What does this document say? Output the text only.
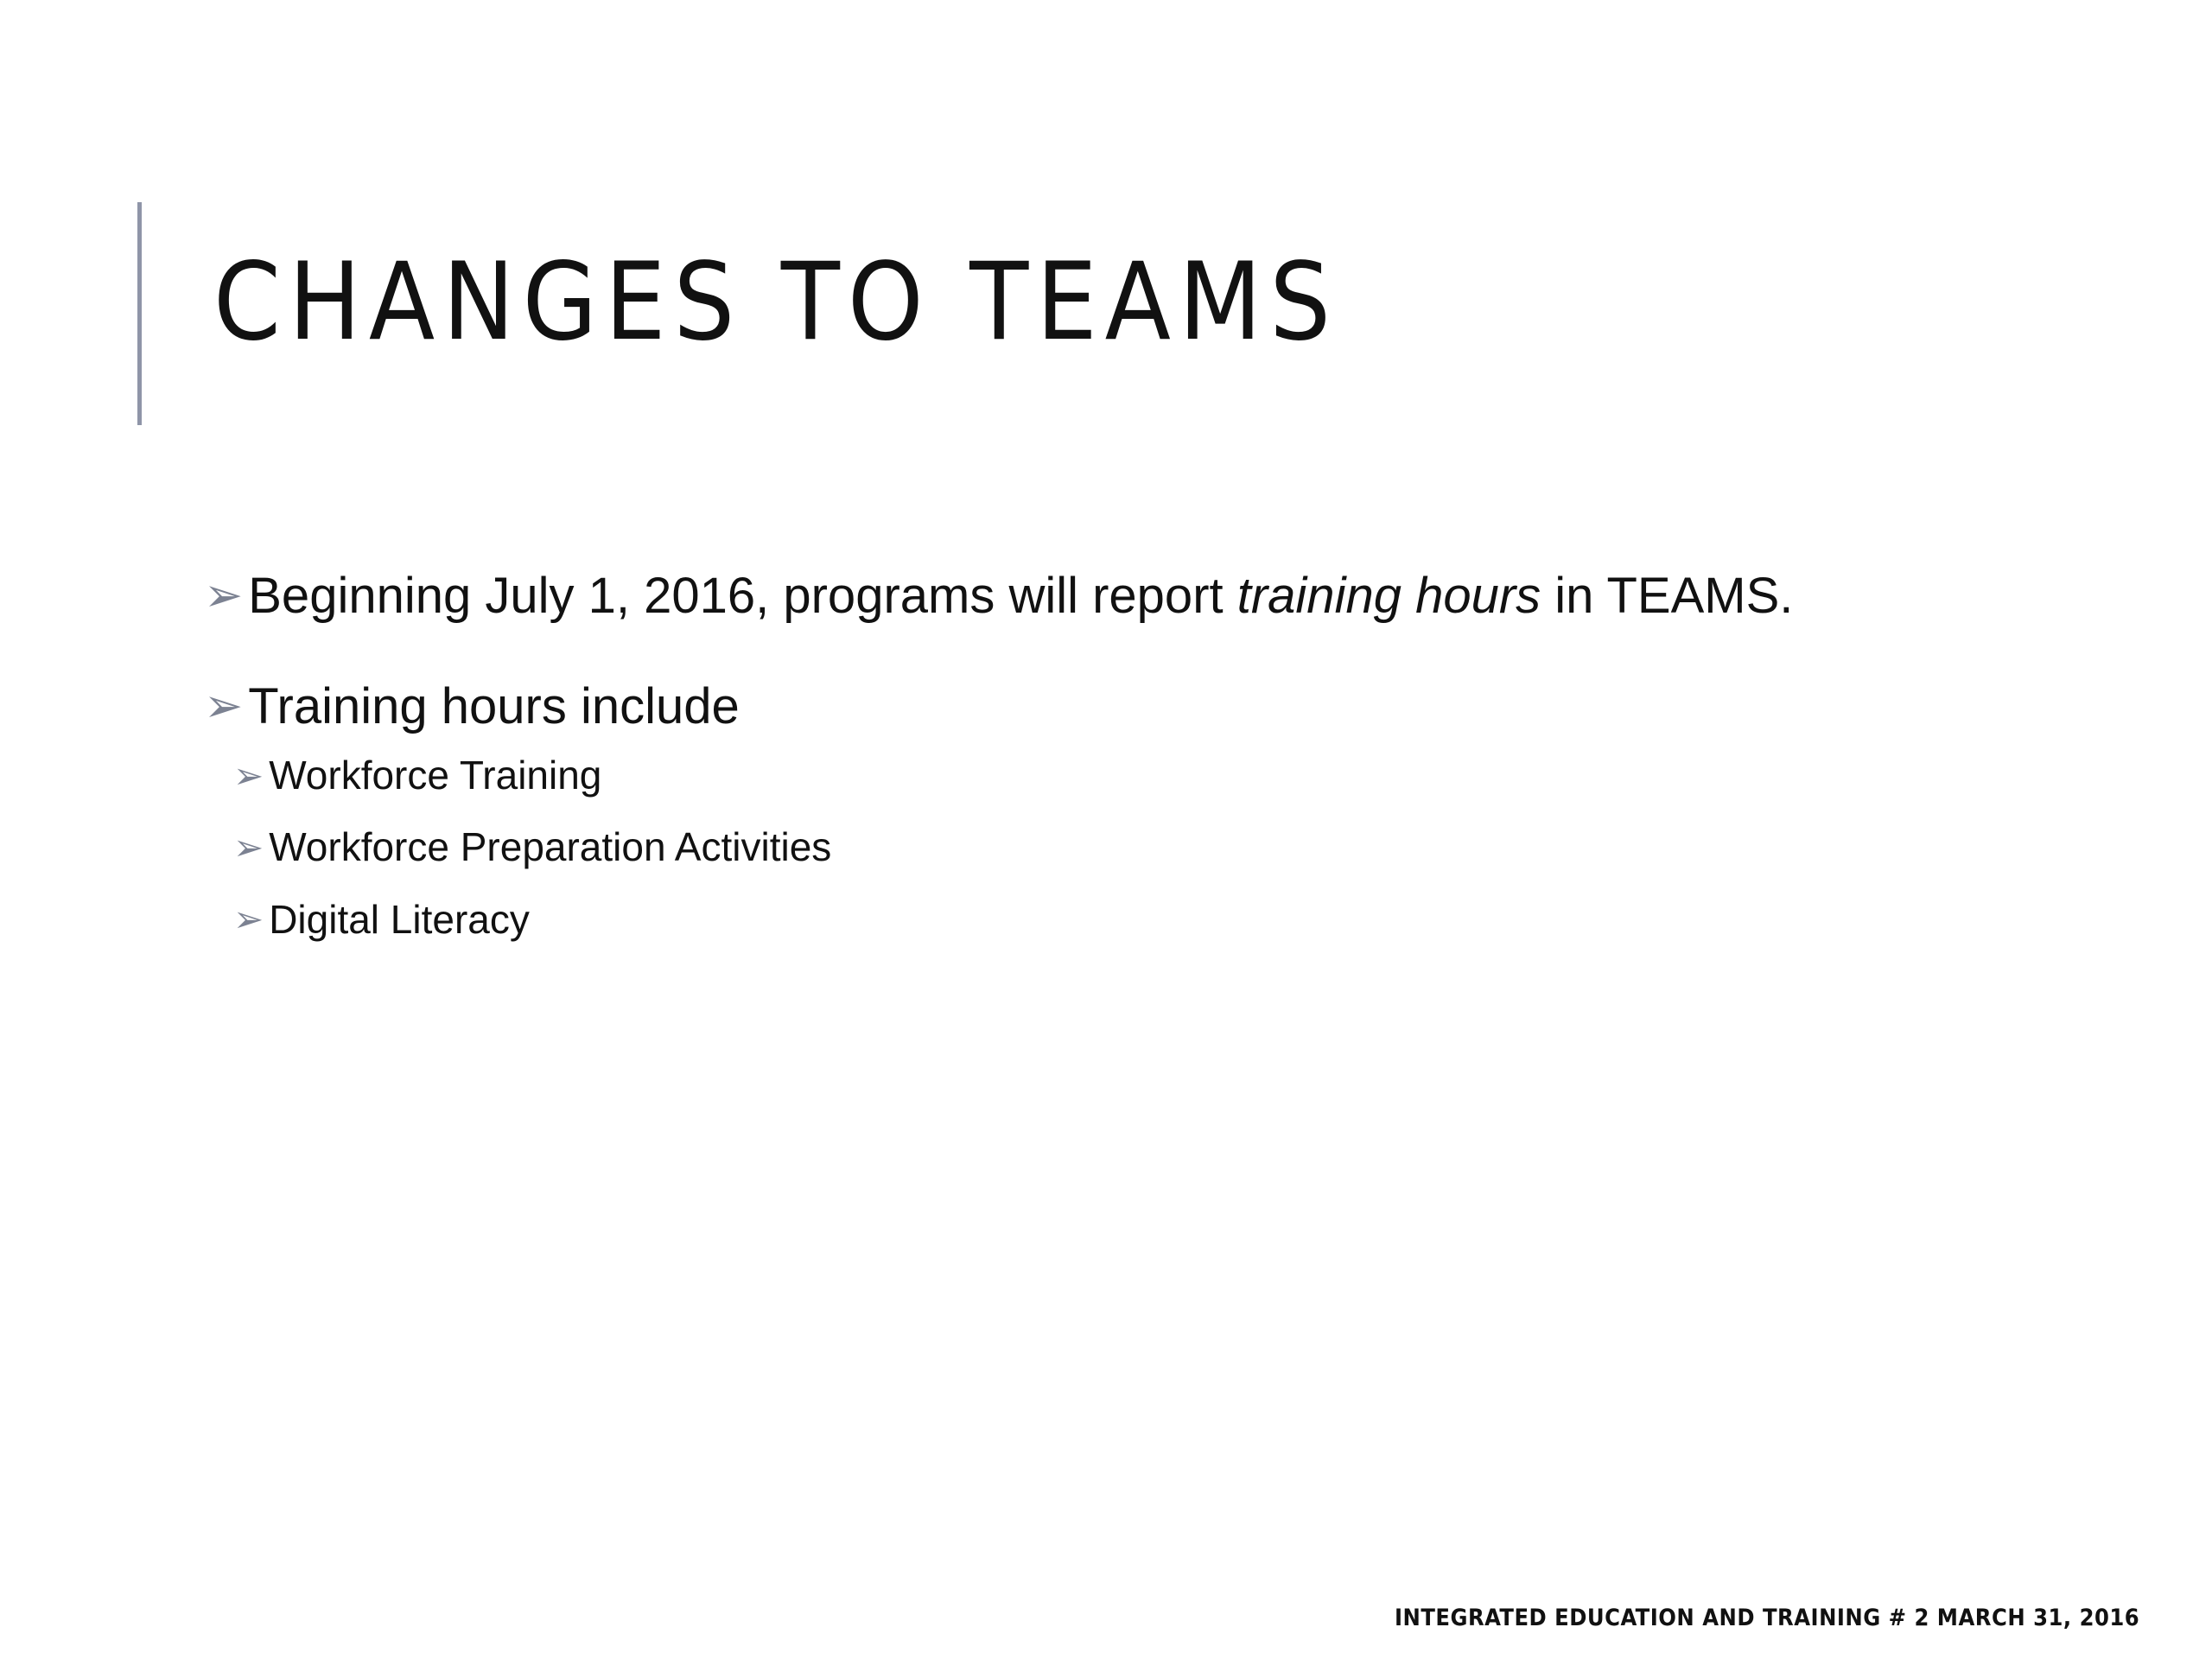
CHANGES TO TEAMS
➢ Beginning July 1, 2016, programs will report training hours in TEAMS.
➢ Training hours include
➢ Workforce Training
➢ Workforce Preparation Activities
➢ Digital Literacy
INTEGRATED EDUCATION AND TRAINING # 2 MARCH 31, 2016
